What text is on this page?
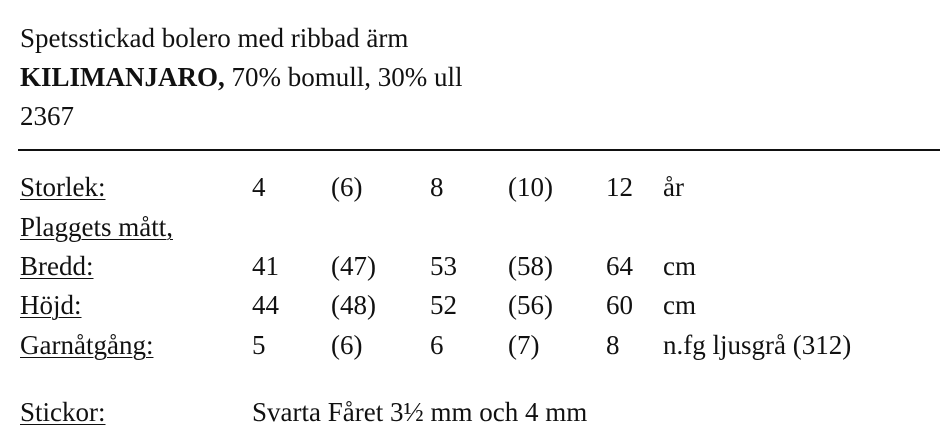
Spetsstickad bolero med ribbad ärm
KILIMANJARO, 70% bomull, 30% ull
2367
Storlek:	4 (6)	8 (10) 12 år
Plaggets mått,
Bredd:	41 (47) 53 (58) 64 cm
Höjd:	44 (48) 52 (56) 60 cm
Garnåtgång:	5 (6)	6 (7) 8 n.fg ljusgrå (312)
Stickor:	Svarta Fåret 3½ mm och 4 mm
